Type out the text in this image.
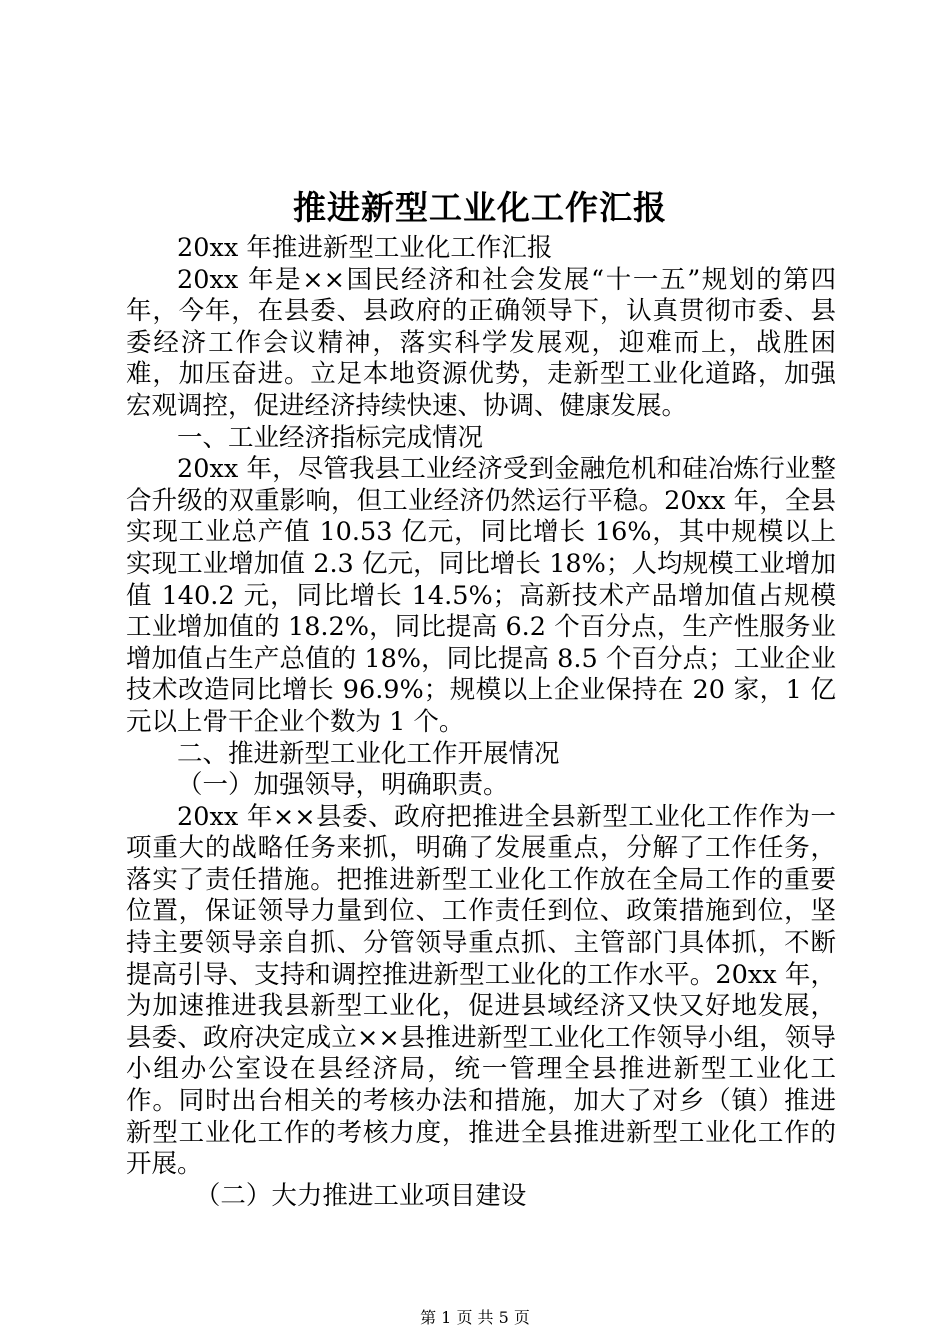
推进新型工业化工作汇报

20xx 年推进新型工业化工作汇报

20xx 年是××国民经济和社会发展“十一五”规划的第四年，今年，在县委、县政府的正确领导下，认真贯彻市委、县委经济工作会议精神，落实科学发展观，迎难而上，战胜困难，加压奋进。立足本地资源优势，走新型工业化道路，加强宏观调控，促进经济持续快速、协调、健康发展。

一、工业经济指标完成情况

20xx 年，尽管我县工业经济受到金融危机和硅冶炼行业整合升级的双重影响，但工业经济仍然运行平稳。20xx 年，全县实现工业总产值 10.53 亿元，同比增长 16%，其中规模以上实现工业增加值 2.3 亿元，同比增长 18%；人均规模工业增加值 140.2 元，同比增长 14.5%；高新技术产品增加值占规模工业增加值的 18.2%，同比提高 6.2 个百分点，生产性服务业增加值占生产总值的 18%，同比提高 8.5 个百分点；工业企业技术改造同比增长 96.9%；规模以上企业保持在 20 家，1 亿元以上骨干企业个数为 1 个。

二、推进新型工业化工作开展情况

（一）加强领导，明确职责。

20xx 年××县委、政府把推进全县新型工业化工作作为一项重大的战略任务来抓，明确了发展重点，分解了工作任务，落实了责任措施。把推进新型工业化工作放在全局工作的重要位置，保证领导力量到位、工作责任到位、政策措施到位，坚持主要领导亲自抓、分管领导重点抓、主管部门具体抓，不断提高引导、支持和调控推进新型工业化的工作水平。20xx 年，为加速推进我县新型工业化，促进县域经济又快又好地发展，县委、政府决定成立××县推进新型工业化工作领导小组，领导小组办公室设在县经济局，统一管理全县推进新型工业化工作。同时出台相关的考核办法和措施，加大了对乡（镇）推进新型工业化工作的考核力度，推进全县推进新型工业化工作的开展。

（二）大力推进工业项目建设

第 1 页 共 5 页
